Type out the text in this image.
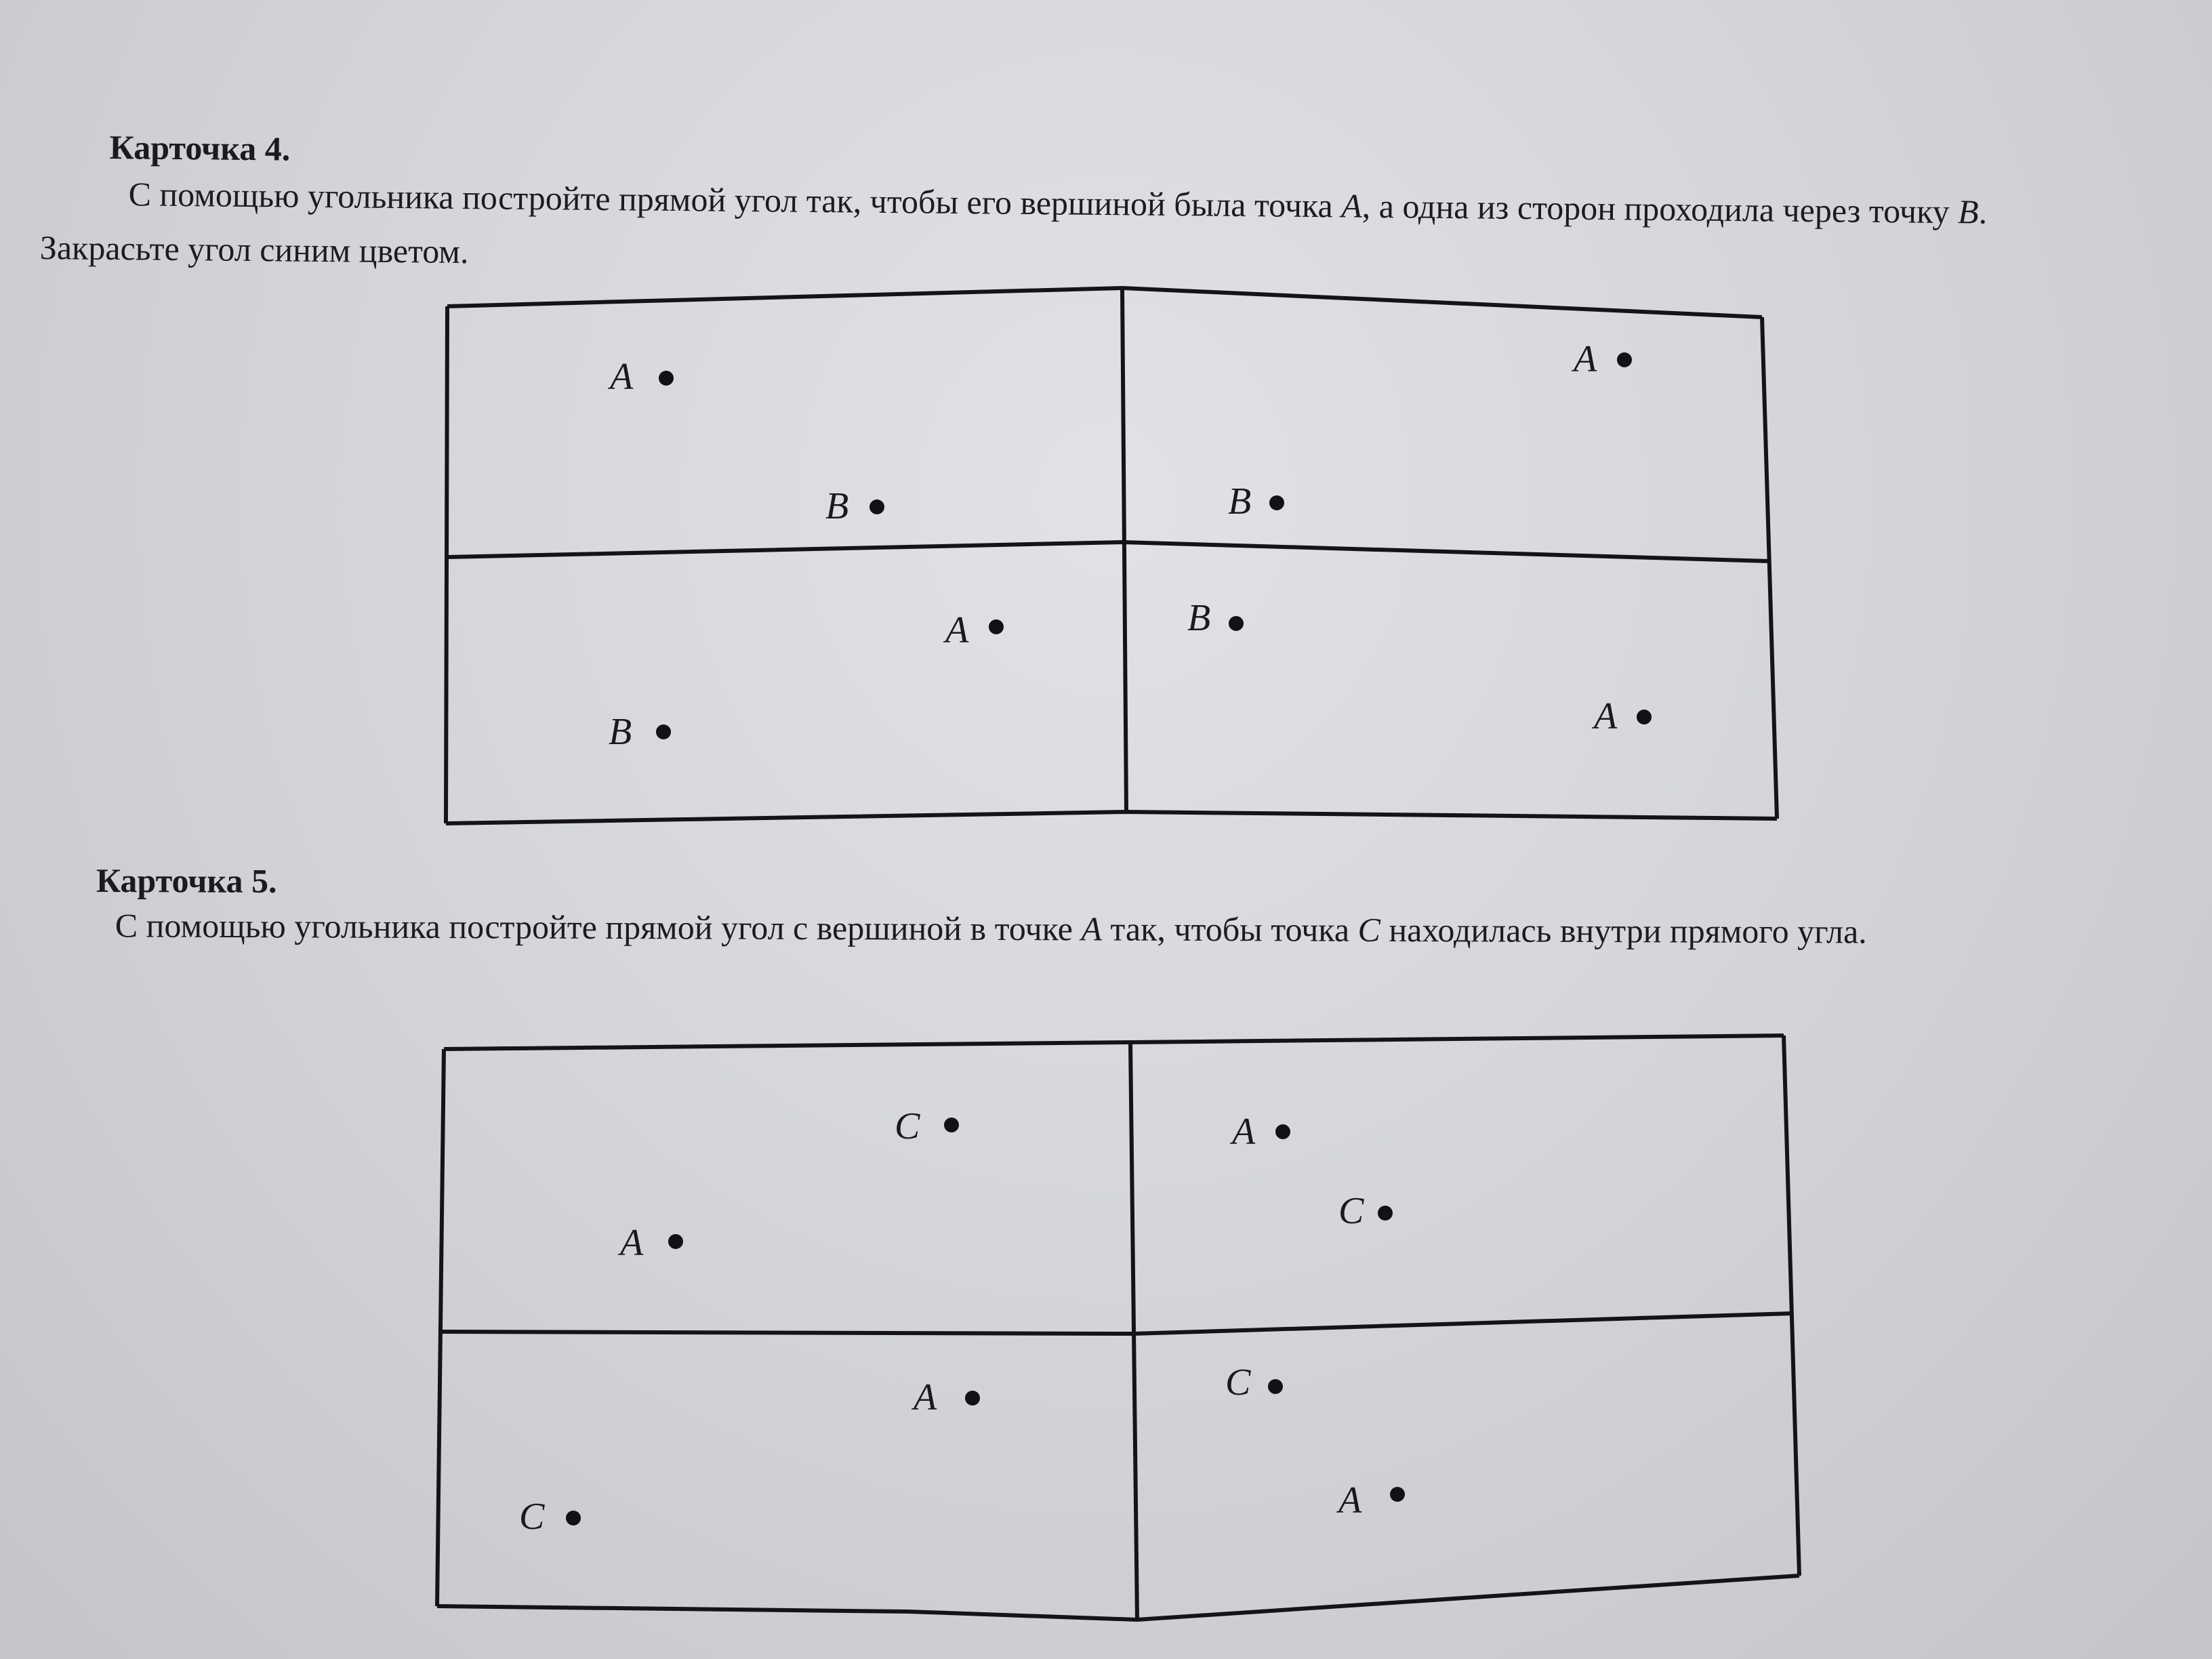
Карточка 4.

С помощью угольника постройте прямой угол так, чтобы его вершиной была точка A, а одна из сторон проходила через точку B. Закрасьте угол синим цветом.

Карточка 5.

С помощью угольника постройте прямой угол с вершиной в точке A так, чтобы точка C находилась внутри прямого угла.

A
B
A
B
A
B
B
A
C
A
A
C
A
C
C
A
